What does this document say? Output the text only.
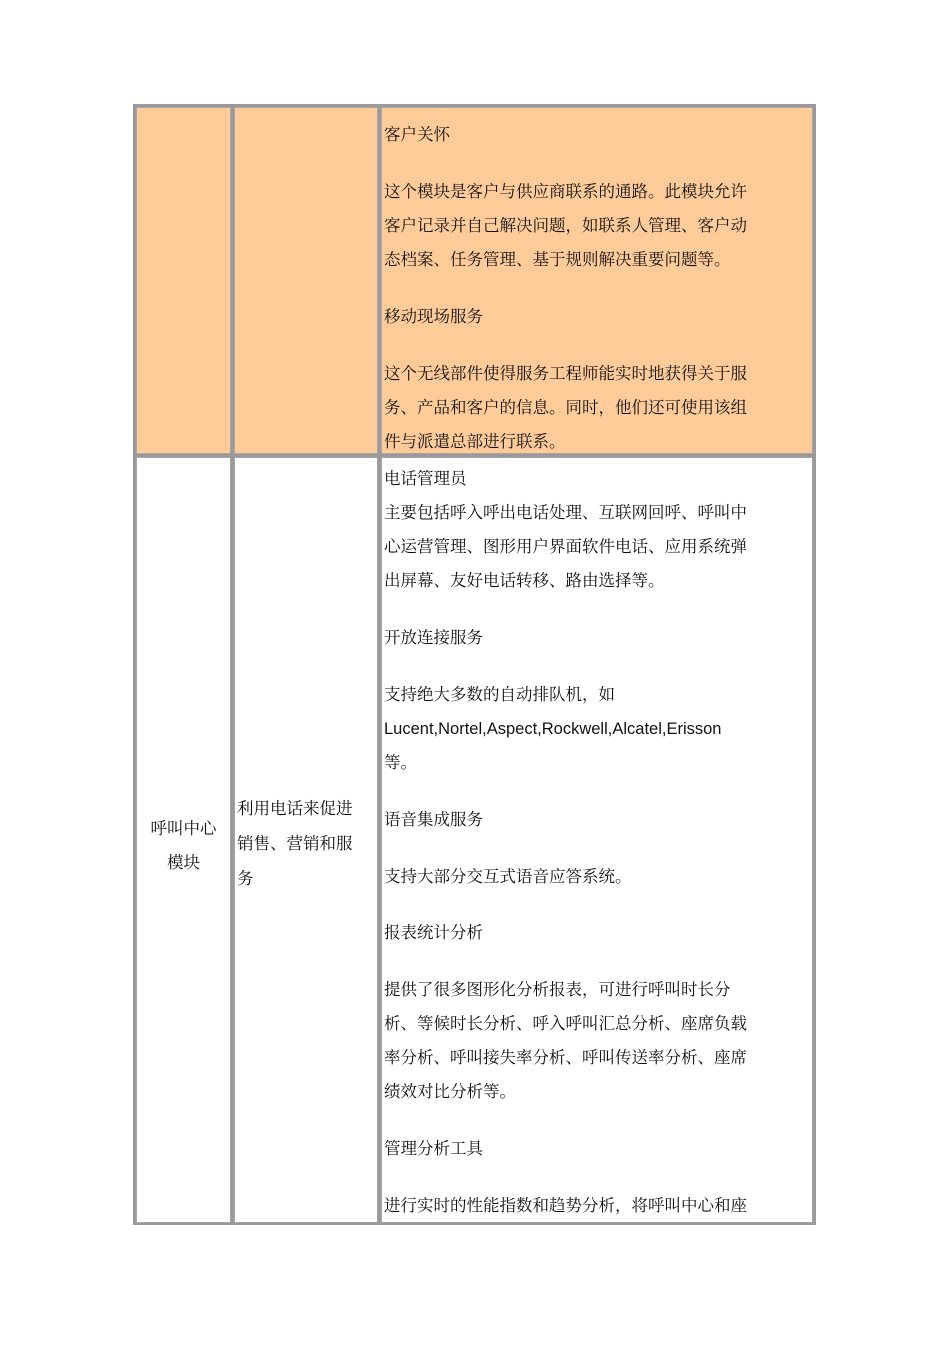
客户关怀

这个模块是客户与供应商联系的通路。此模块允许

客户记录并自己解决问题，如联系人管理、客户动

态档案、任务管理、基于规则解决重要问题等。

移动现场服务

这个无线部件使得服务工程师能实时地获得关于服

务、产品和客户的信息。同时，他们还可使用该组

件与派遣总部进行联系。

呼叫中心
模块
利用电话来促进
销售、营销和服
务

电话管理员

主要包括呼入呼出电话处理、互联网回呼、呼叫中

心运营管理、图形用户界面软件电话、应用系统弹

出屏幕、友好电话转移、路由选择等。

开放连接服务

支持绝大多数的自动排队机，如

Lucent,Nortel,Aspect,Rockwell,Alcatel,Erisson

等。

语音集成服务

支持大部分交互式语音应答系统。

报表统计分析

提供了很多图形化分析报表，可进行呼叫时长分

析、等候时长分析、呼入呼叫汇总分析、座席负载

率分析、呼叫接失率分析、呼叫传送率分析、座席

绩效对比分析等。

管理分析工具

进行实时的性能指数和趋势分析，将呼叫中心和座
